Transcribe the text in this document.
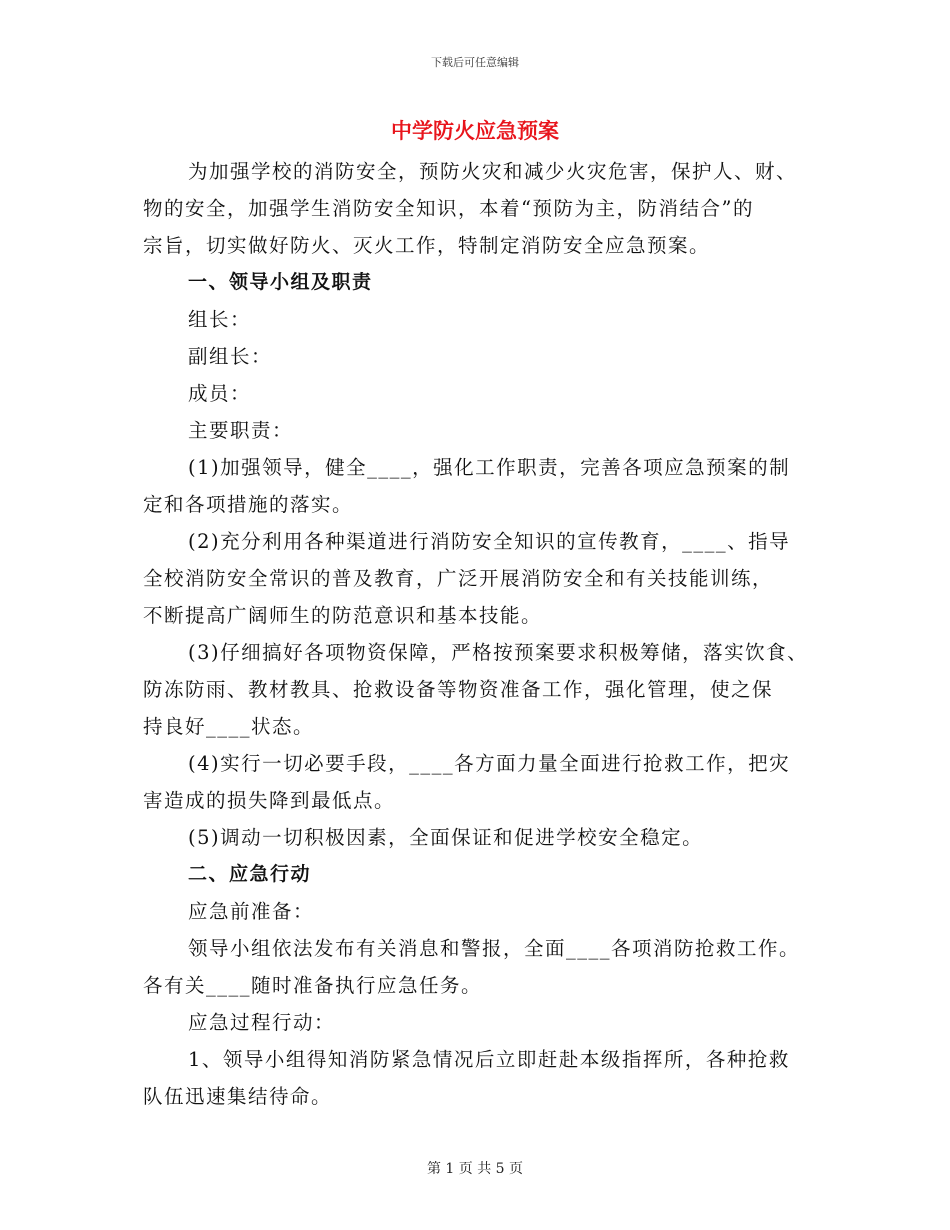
下载后可任意编辑
中学防火应急预案
为加强学校的消防安全，预防火灾和减少火灾危害，保护人、财、
物的安全，加强学生消防安全知识，本着“预防为主，防消结合”的
宗旨，切实做好防火、灭火工作，特制定消防安全应急预案。
一、领导小组及职责
组长：
副组长：
成员：
主要职责：
(1)加强领导，健全____，强化工作职责，完善各项应急预案的制
定和各项措施的落实。
(2)充分利用各种渠道进行消防安全知识的宣传教育，____、指导
全校消防安全常识的普及教育，广泛开展消防安全和有关技能训练，
不断提高广阔师生的防范意识和基本技能。
(3)仔细搞好各项物资保障，严格按预案要求积极筹储，落实饮食、
防冻防雨、教材教具、抢救设备等物资准备工作，强化管理，使之保
持良好____状态。
(4)实行一切必要手段，____各方面力量全面进行抢救工作，把灾
害造成的损失降到最低点。
(5)调动一切积极因素，全面保证和促进学校安全稳定。
二、应急行动
应急前准备：
领导小组依法发布有关消息和警报，全面____各项消防抢救工作。
各有关____随时准备执行应急任务。
应急过程行动：
1、领导小组得知消防紧急情况后立即赶赴本级指挥所，各种抢救
队伍迅速集结待命。
第 1 页 共 5 页
